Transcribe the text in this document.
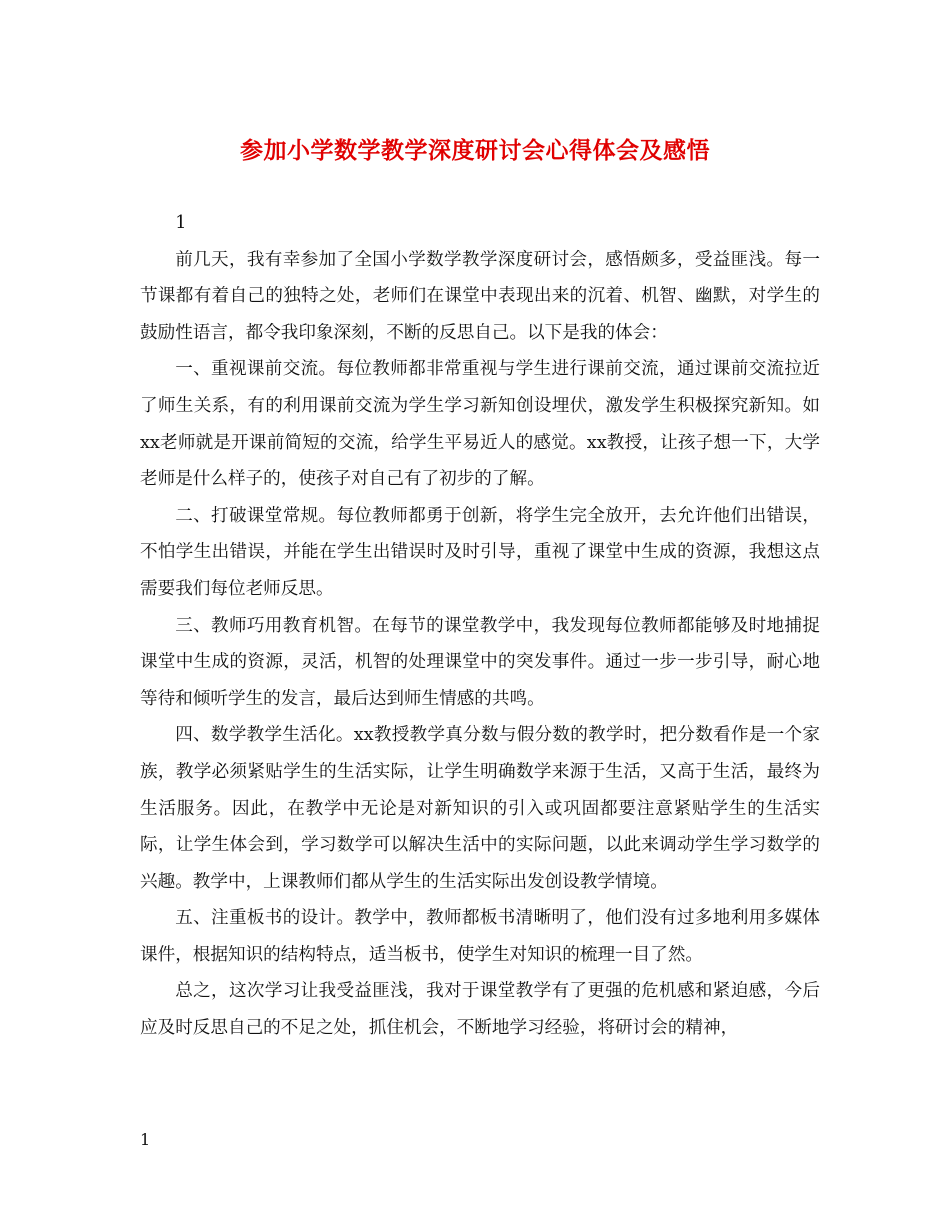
参加小学数学教学深度研讨会心得体会及感悟

1

前几天，我有幸参加了全国小学数学教学深度研讨会，感悟颇多，受益匪浅。每一节课都有着自己的独特之处，老师们在课堂中表现出来的沉着、机智、幽默，对学生的鼓励性语言，都令我印象深刻，不断的反思自己。以下是我的体会：

一、重视课前交流。每位教师都非常重视与学生进行课前交流，通过课前交流拉近了师生关系，有的利用课前交流为学生学习新知创设埋伏，激发学生积极探究新知。如xx老师就是开课前简短的交流，给学生平易近人的感觉。xx教授，让孩子想一下，大学老师是什么样子的，使孩子对自己有了初步的了解。

二、打破课堂常规。每位教师都勇于创新，将学生完全放开，去允许他们出错误，不怕学生出错误，并能在学生出错误时及时引导，重视了课堂中生成的资源，我想这点需要我们每位老师反思。

三、教师巧用教育机智。在每节的课堂教学中，我发现每位教师都能够及时地捕捉课堂中生成的资源，灵活，机智的处理课堂中的突发事件。通过一步一步引导，耐心地等待和倾听学生的发言，最后达到师生情感的共鸣。

四、数学教学生活化。xx教授教学真分数与假分数的教学时，把分数看作是一个家族，教学必须紧贴学生的生活实际，让学生明确数学来源于生活，又高于生活，最终为生活服务。因此，在教学中无论是对新知识的引入或巩固都要注意紧贴学生的生活实际，让学生体会到，学习数学可以解决生活中的实际问题，以此来调动学生学习数学的兴趣。教学中，上课教师们都从学生的生活实际出发创设教学情境。

五、注重板书的设计。教学中，教师都板书清晰明了，他们没有过多地利用多媒体课件，根据知识的结构特点，适当板书，使学生对知识的梳理一目了然。

总之，这次学习让我受益匪浅，我对于课堂教学有了更强的危机感和紧迫感，今后应及时反思自己的不足之处，抓住机会，不断地学习经验，将研讨会的精神，

1
